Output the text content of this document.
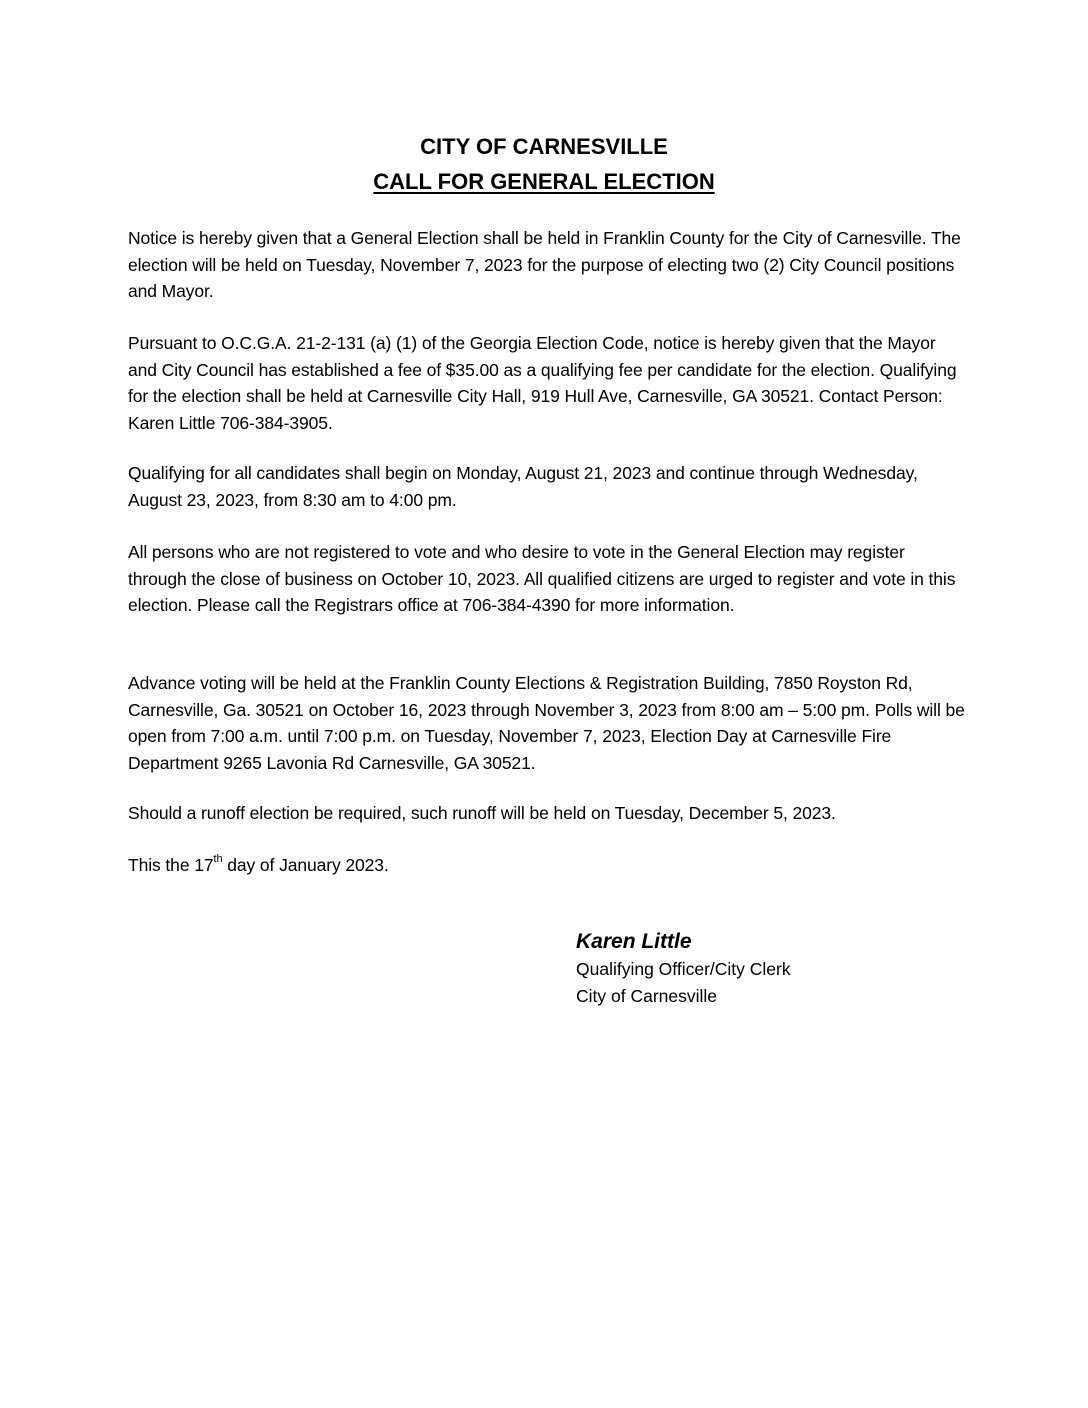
CITY OF CARNESVILLE
CALL FOR GENERAL ELECTION

Notice is hereby given that a General Election shall be held in Franklin County for the City of Carnesville. The election will be held on Tuesday, November 7, 2023 for the purpose of electing two (2) City Council positions and Mayor.

Pursuant to O.C.G.A. 21-2-131 (a) (1) of the Georgia Election Code, notice is hereby given that the Mayor and City Council has established a fee of $35.00 as a qualifying fee per candidate for the election. Qualifying for the election shall be held at Carnesville City Hall, 919 Hull Ave, Carnesville, GA 30521. Contact Person: Karen Little 706-384-3905.

Qualifying for all candidates shall begin on Monday, August 21, 2023 and continue through Wednesday, August 23, 2023, from 8:30 am to 4:00 pm.

All persons who are not registered to vote and who desire to vote in the General Election may register through the close of business on October 10, 2023. All qualified citizens are urged to register and vote in this election. Please call the Registrars office at 706-384-4390 for more information.

Advance voting will be held at the Franklin County Elections & Registration Building, 7850 Royston Rd, Carnesville, Ga. 30521 on October 16, 2023 through November 3, 2023 from 8:00 am – 5:00 pm. Polls will be open from 7:00 a.m. until 7:00 p.m. on Tuesday, November 7, 2023, Election Day at Carnesville Fire Department 9265 Lavonia Rd Carnesville, GA 30521.

Should a runoff election be required, such runoff will be held on Tuesday, December 5, 2023.

This the 17th day of January 2023.

Karen Little
Qualifying Officer/City Clerk
City of Carnesville
